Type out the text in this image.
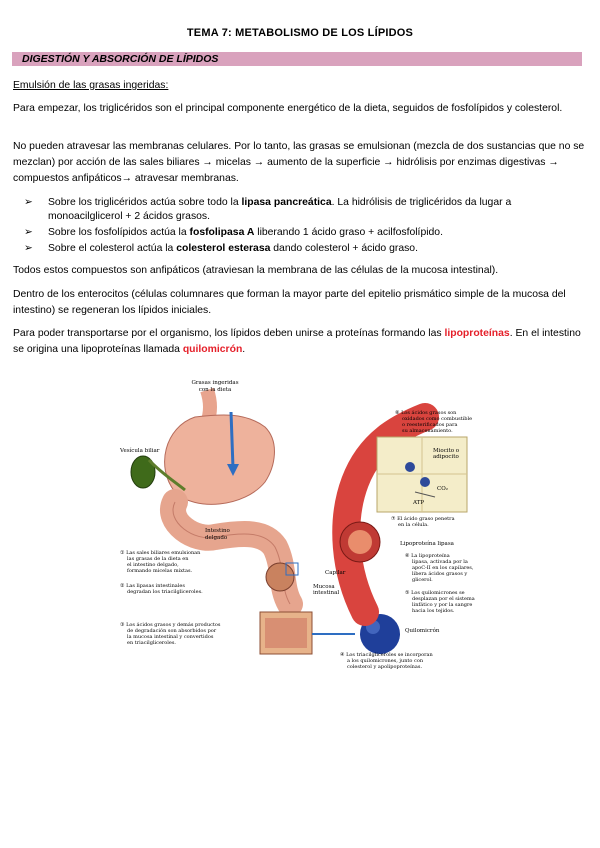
TEMA 7: METABOLISMO DE LOS LÍPIDOS
DIGESTIÓN Y ABSORCIÓN DE LÍPIDOS
Emulsión de las grasas ingeridas:
Para empezar, los triglicéridos son el principal componente energético de la dieta, seguidos de fosfolípidos y colesterol.
No pueden atravesar las membranas celulares. Por lo tanto, las grasas se emulsionan (mezcla de dos sustancias que no se mezclan) por acción de las sales biliares → micelas → aumento de la superficie → hidrólisis por enzimas digestivas → compuestos anfipáticos→ atravesar membranas.
➢ Sobre los triglicéridos actúa sobre todo la lipasa pancreática. La hidrólisis de triglicéridos da lugar a monoacilglicerol + 2 ácidos grasos.
➢ Sobre los fosfolípidos actúa la fosfolipasa A liberando 1 ácido graso + acilfosfolípido.
➢ Sobre el colesterol actúa la colesterol esterasa dando colesterol + ácido graso.
Todos estos compuestos son anfipáticos (atraviesan la membrana de las células de la mucosa intestinal).
Dentro de los enterocitos (células columnares que forman la mayor parte del epitelio prismático simple de la mucosa del intestino) se regeneran los lípidos iniciales.
Para poder transportarse por el organismo, los lípidos deben unirse a proteínas formando las lipoproteínas. En el intestino se origina una lipoproteínas llamada quilomicrón.
Grasas ingeridas
con la dieta
Vesícula biliar
Intestino
delgado
① Las sales biliares emulsionan
las grasas de la dieta en
el intestino delgado,
formando micelas mixtas.
② Las lipasas intestinales
degradan los triacilgliceroles.
③ Los ácidos grasos y demás productos
de degradación son absorbidos por
la mucosa intestinal y convertidos
en triacilgliceroles.
Mucosa
intestinal
ApoC-II
Quilomicrón
Capilar
④ Los triacilgliceroles se incorporan
a los quilomicrones, junto con
colesterol y apolipoproteínas.
⑤ Los quilomicrones se
desplazan por el sistema
linfático y por la sangre
hacia los tejidos.
⑥ La lipoproteína
lipasa, activada por la
apoC-II en los capilares,
libera ácidos grasos y
glicerol.
Lipoproteína lipasa
⑦ El ácido graso penetra
en la célula.
⑧ Los ácidos grasos son
oxidados como combustible
o reesterificados para
su almacenamiento.
Miocito o
adipocito
CO₂
ATP
